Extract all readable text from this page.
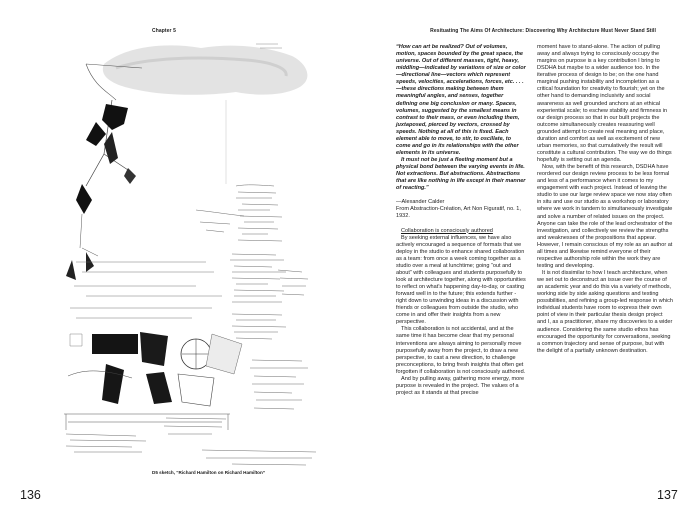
Chapter 5	Resituating The Aims Of Architecture: Discovering Why Architecture Must Never Stand Still
D5 sketch, “Richard Hamilton on Richard Hamilton”

“How can art be realized? Out of volumes, motion, spaces bounded by the great space, the universe. Out of different masses, tight, heavy, middling—indicated by variations of size or color—directional line—vectors which represent speeds, velocities, accelerations, forces, etc. . . .—these directions making between them meaningful angles, and senses, together defining one big conclusion or many. Spaces, volumes, suggested by the smallest means in contrast to their mass, or even including them, juxtaposed, pierced by vectors, crossed by speeds. Nothing at all of this is fixed. Each element able to move, to stir, to oscillate, to come and go in its relationships with the other elements in its universe.

It must not be just a fleeting moment but a physical bond between the varying events in life. Not extractions. But abstractions. Abstractions that are like nothing in life except in their manner of reacting.”

—Alexander Calder

From Abstraction-Création, Art Non Figuratif, no. 1, 1932.

Collaboration is consciously authored

By seeking external influences, we have also actively encouraged a sequence of formats that we deploy in the studio to enhance shared collaboration as a team: from once a week coming together as a studio over a meal at lunchtime; going “out and about” with colleagues and students purposefully to look at architecture together, along with opportunities to reflect on what’s happening day-to-day, or casting forward well in to the future; this extends further - right down to unwinding ideas in a discussion with friends or colleagues from outside the studio, who come in and offer their insights from a new perspective.

This collaboration is not accidental, and at the same time it has become clear that my personal interventions are always aiming to personally move purposefully away from the project, to draw a new perspective, to cast a new direction, to challenge preconceptions, to bring fresh insights that often get forgotten if collaboration is not consciously authored.

And by pulling away, gathering more energy, more purpose is revealed in the project. The values of a project as it stands at that precise

moment have to stand-alone. The action of pulling away and always trying to consciously occupy the margins on purpose is a key contribution I bring to DSDHA but maybe to a wider audience too. In the iterative process of design to be; on the one hand marginal pushing instability and incompletion as a critical foundation for creativity to flourish; yet on the other hand to demanding inclusivity and social awareness as well grounded anchors at an ethical experiential scale; to eschew stability and firmness in our design process so that in our built projects the outcome simultaneously creates reassuring well grounded attempt to create real meaning and place, duration and comfort as well as excitement of new urban memories, so that cumulatively the result will constitute a cultural contribution. The way we do things hopefully is setting out an agenda.

Now, with the benefit of this research, DSDHA have reordered our design review process to be less formal and less of a performance when it comes to my engagement with each project. Instead of leaving the studio to use our large review space we now stay often in situ and use our studio as a workshop or laboratory where we work in tandem to simultaneously investigate and solve a number of related issues on the project. Anyone can take the role of the lead orchestrator of the investigation, and collectively we review the strengths and weaknesses of the propositions that appear. However, I remain conscious of my role as an author at all times and likewise remind everyone of their respective authorship role within the work they are testing and developing.

It is not dissimilar to how I teach architecture, when we set out to deconstruct an issue over the course of an academic year and do this via a variety of methods, working side by side asking questions and testing possibilities, and refining a group-led response in which individual students have room to express their own point of view in their particular thesis design project and I, as a practitioner, share my discoveries to a wider audience. Considering the same studio ethos has encouraged the opportunity for conversations, seeking a common trajectory and sense of purpose, but with the delight of a partially unknown destination.

136	137
